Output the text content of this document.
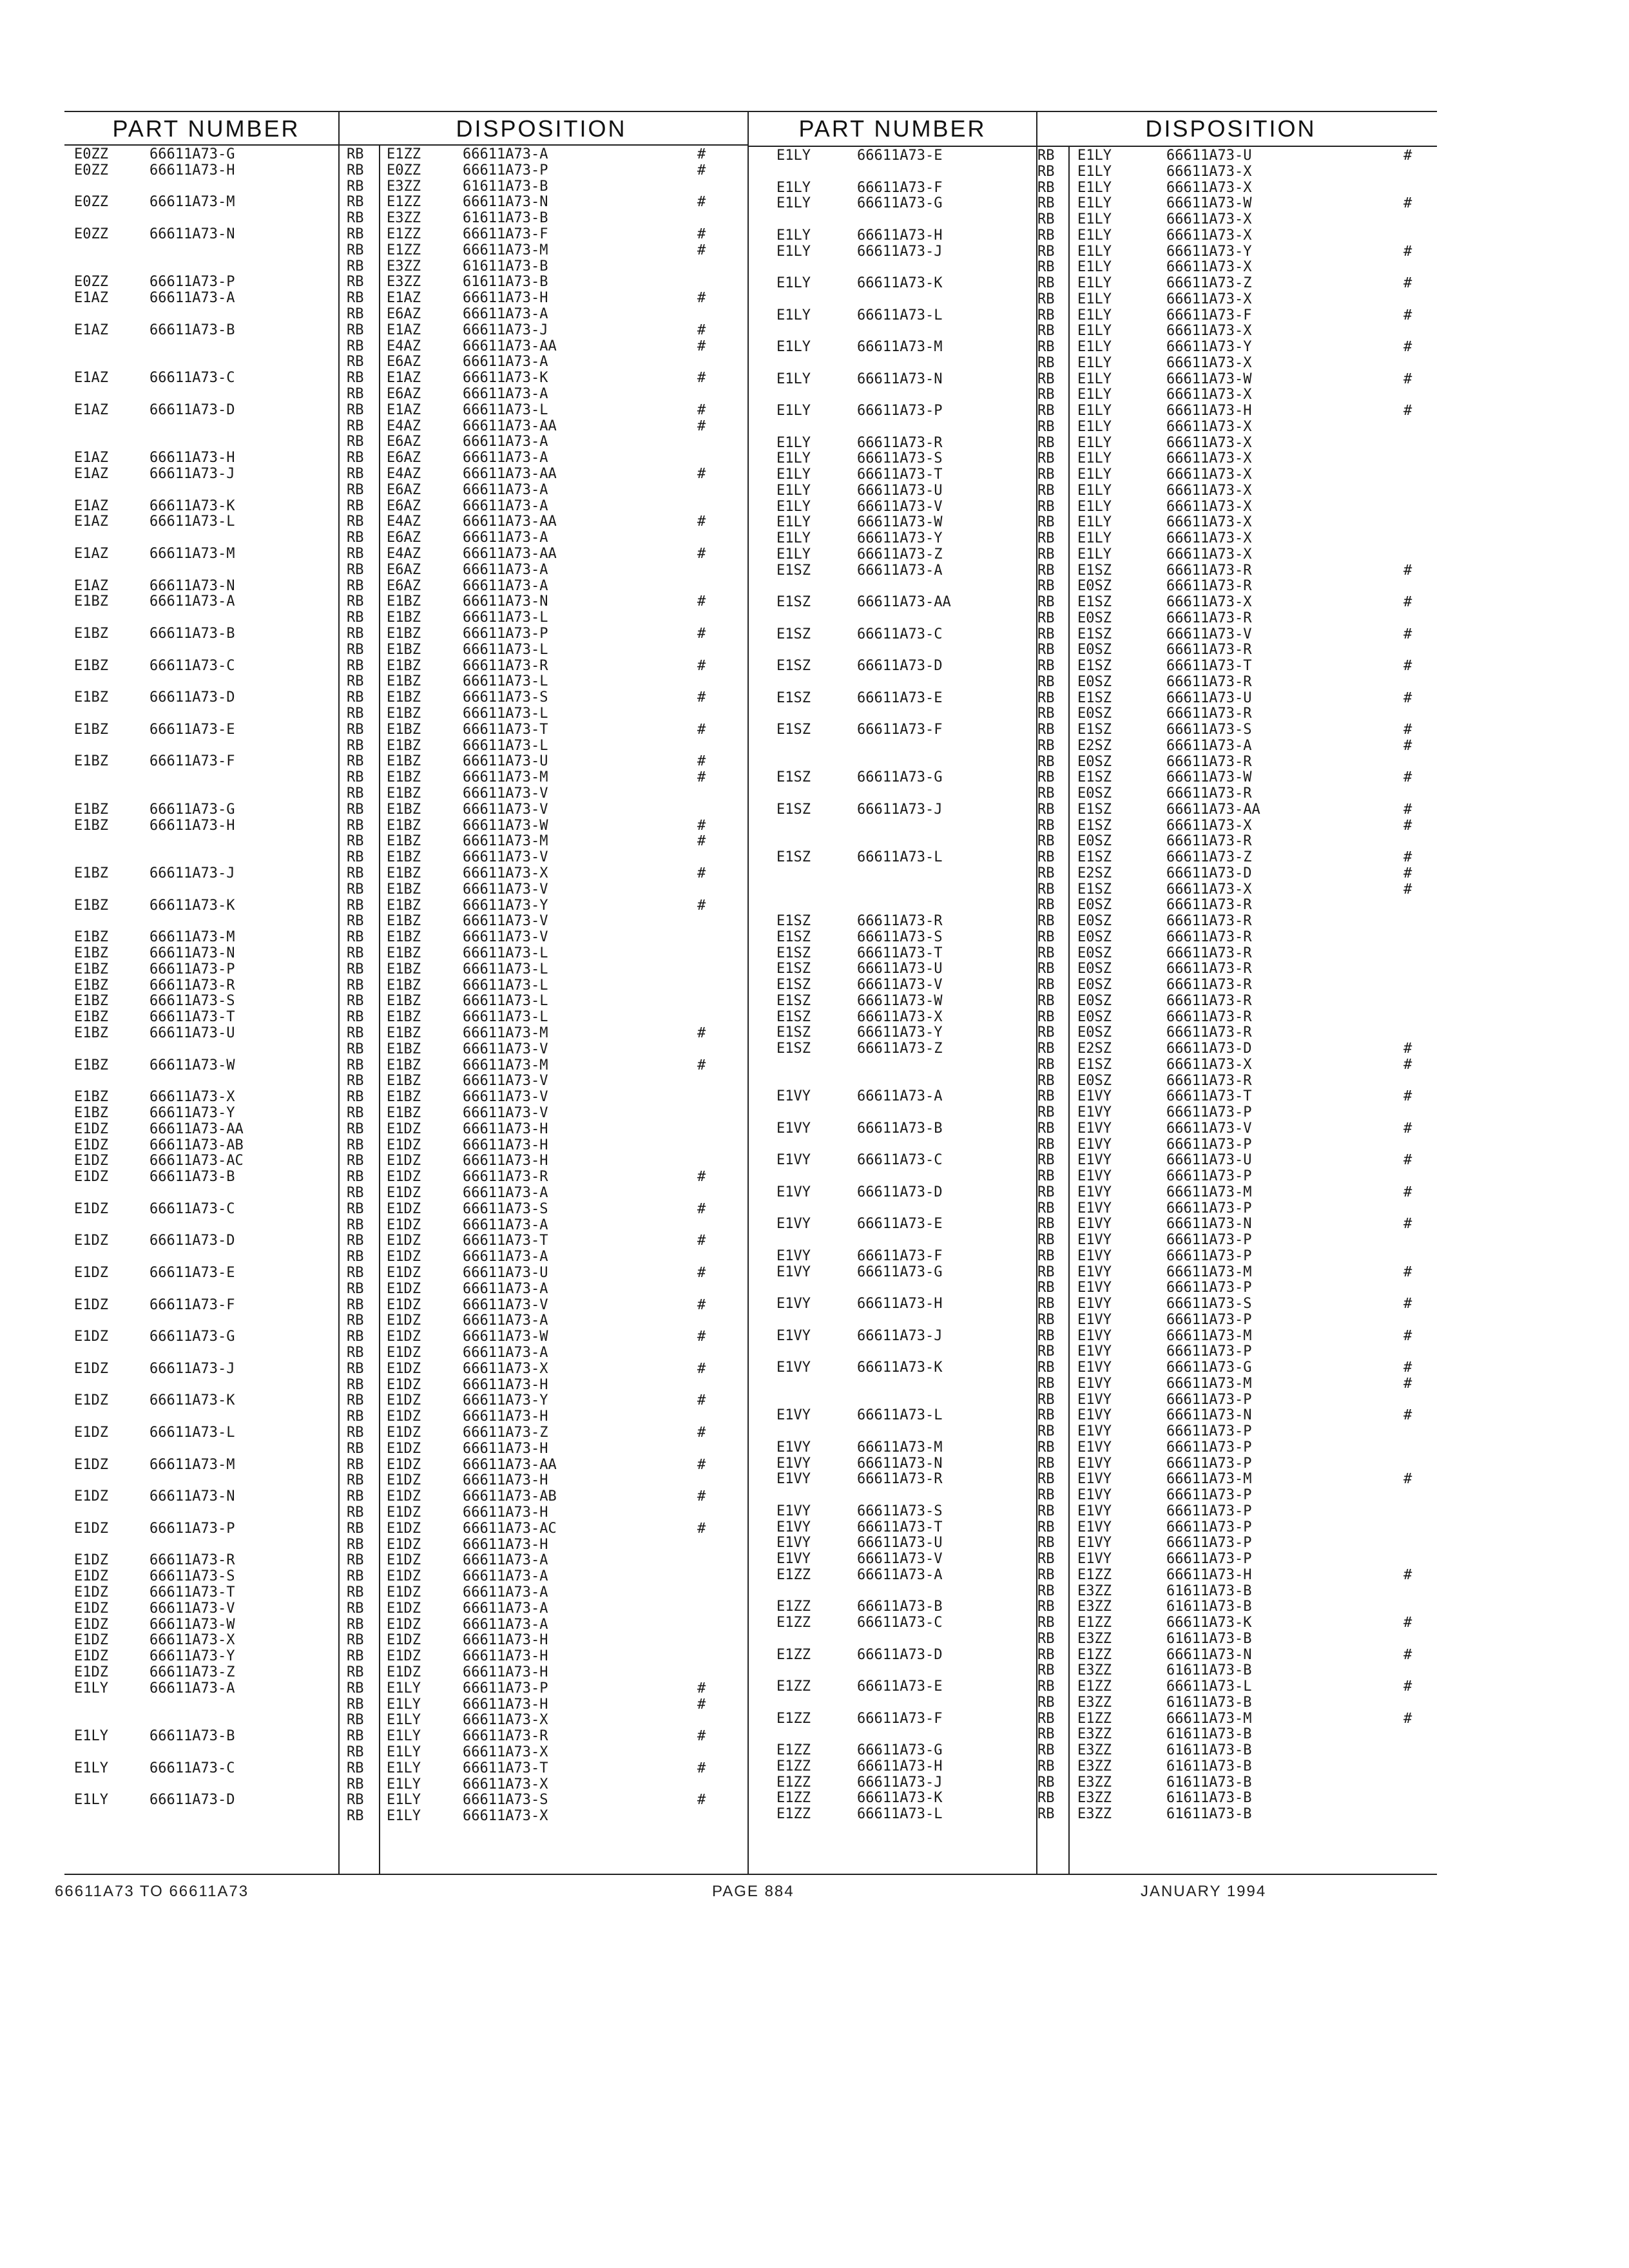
PART NUMBER	DISPOSITION	PART NUMBER	DISPOSITION
E0ZZ	66611A73-G	RB E1ZZ	66611A73-A	#
E0ZZ	66611A73-H	RB E0ZZ	66611A73-P	#
RB E3ZZ	61611A73-B
E0ZZ	66611A73-M	RB E1ZZ	66611A73-N	#
RB E3ZZ	61611A73-B
E0ZZ	66611A73-N	RB E1ZZ	66611A73-F	#
RB E1ZZ	66611A73-M	#
RB E3ZZ	61611A73-B
E0ZZ	66611A73-P	RB E3ZZ	61611A73-B
E1AZ	66611A73-A	RB E1AZ	66611A73-H	#
RB E6AZ	66611A73-A
E1AZ	66611A73-B	RB E1AZ	66611A73-J	#
RB E4AZ	66611A73-AA	#
RB E6AZ	66611A73-A
E1AZ	66611A73-C	RB E1AZ	66611A73-K	#
RB E6AZ	66611A73-A
E1AZ	66611A73-D	RB E1AZ	66611A73-L	#
RB E4AZ	66611A73-AA	#
RB E6AZ	66611A73-A
E1AZ	66611A73-H	RB E6AZ	66611A73-A
E1AZ	66611A73-J	RB E4AZ	66611A73-AA	#
RB E6AZ	66611A73-A
E1AZ	66611A73-K	RB E6AZ	66611A73-A
E1AZ	66611A73-L	RB E4AZ	66611A73-AA	#
RB E6AZ	66611A73-A
E1AZ	66611A73-M	RB E4AZ	66611A73-AA	#
RB E6AZ	66611A73-A
E1AZ	66611A73-N	RB E6AZ	66611A73-A
E1BZ	66611A73-A	RB E1BZ	66611A73-N	#
RB E1BZ	66611A73-L
E1BZ	66611A73-B	RB E1BZ	66611A73-P	#
RB E1BZ	66611A73-L
E1BZ	66611A73-C	RB E1BZ	66611A73-R	#
RB E1BZ	66611A73-L
E1BZ	66611A73-D	RB E1BZ	66611A73-S	#
RB E1BZ	66611A73-L
E1BZ	66611A73-E	RB E1BZ	66611A73-T	#
RB E1BZ	66611A73-L
E1BZ	66611A73-F	RB E1BZ	66611A73-U	#
RB E1BZ	66611A73-M	#
RB E1BZ	66611A73-V
E1BZ	66611A73-G	RB E1BZ	66611A73-V
E1BZ	66611A73-H	RB E1BZ	66611A73-W	#
RB E1BZ	66611A73-M	#
RB E1BZ	66611A73-V
E1BZ	66611A73-J	RB E1BZ	66611A73-X	#
RB E1BZ	66611A73-V
E1BZ	66611A73-K	RB E1BZ	66611A73-Y	#
RB E1BZ	66611A73-V
E1BZ	66611A73-M	RB E1BZ	66611A73-V
E1BZ	66611A73-N	RB E1BZ	66611A73-L
E1BZ	66611A73-P	RB E1BZ	66611A73-L
E1BZ	66611A73-R	RB E1BZ	66611A73-L
E1BZ	66611A73-S	RB E1BZ	66611A73-L
E1BZ	66611A73-T	RB E1BZ	66611A73-L
E1BZ	66611A73-U	RB E1BZ	66611A73-M	#
RB E1BZ	66611A73-V
E1BZ	66611A73-W	RB E1BZ	66611A73-M	#
RB E1BZ	66611A73-V
E1BZ	66611A73-X	RB E1BZ	66611A73-V
E1BZ	66611A73-Y	RB E1BZ	66611A73-V
E1DZ	66611A73-AA	RB E1DZ	66611A73-H
E1DZ	66611A73-AB	RB E1DZ	66611A73-H
E1DZ	66611A73-AC	RB E1DZ	66611A73-H
E1DZ	66611A73-B	RB E1DZ	66611A73-R	#
RB E1DZ	66611A73-A
E1DZ	66611A73-C	RB E1DZ	66611A73-S	#
RB E1DZ	66611A73-A
E1DZ	66611A73-D	RB E1DZ	66611A73-T	#
RB E1DZ	66611A73-A
E1DZ	66611A73-E	RB E1DZ	66611A73-U	#
RB E1DZ	66611A73-A
E1DZ	66611A73-F	RB E1DZ	66611A73-V	#
RB E1DZ	66611A73-A
E1DZ	66611A73-G	RB E1DZ	66611A73-W	#
RB E1DZ	66611A73-A
E1DZ	66611A73-J	RB E1DZ	66611A73-X	#
RB E1DZ	66611A73-H
E1DZ	66611A73-K	RB E1DZ	66611A73-Y	#
RB E1DZ	66611A73-H
E1DZ	66611A73-L	RB E1DZ	66611A73-Z	#
RB E1DZ	66611A73-H
E1DZ	66611A73-M	RB E1DZ	66611A73-AA	#
RB E1DZ	66611A73-H
E1DZ	66611A73-N	RB E1DZ	66611A73-AB	#
RB E1DZ	66611A73-H
E1DZ	66611A73-P	RB E1DZ	66611A73-AC	#
RB E1DZ	66611A73-H
E1DZ	66611A73-R	RB E1DZ	66611A73-A
E1DZ	66611A73-S	RB E1DZ	66611A73-A
E1DZ	66611A73-T	RB E1DZ	66611A73-A
E1DZ	66611A73-V	RB E1DZ	66611A73-A
E1DZ	66611A73-W	RB E1DZ	66611A73-A
E1DZ	66611A73-X	RB E1DZ	66611A73-H
E1DZ	66611A73-Y	RB E1DZ	66611A73-H
E1DZ	66611A73-Z	RB E1DZ	66611A73-H
E1LY	66611A73-A	RB E1LY	66611A73-P	#
RB E1LY	66611A73-H	#
RB E1LY	66611A73-X
E1LY	66611A73-B	RB E1LY	66611A73-R	#
RB E1LY	66611A73-X
E1LY	66611A73-C	RB E1LY	66611A73-T	#
RB E1LY	66611A73-X
E1LY	66611A73-D	RB E1LY	66611A73-S	#
RB E1LY	66611A73-X
E1LY	66611A73-E	RB E1LY	66611A73-U	#
RB E1LY	66611A73-X
E1LY	66611A73-F	RB E1LY	66611A73-X
E1LY	66611A73-G	RB E1LY	66611A73-W	#
RB E1LY	66611A73-X
E1LY	66611A73-H	RB E1LY	66611A73-X
E1LY	66611A73-J	RB E1LY	66611A73-Y	#
RB E1LY	66611A73-X
E1LY	66611A73-K	RB E1LY	66611A73-Z	#
RB E1LY	66611A73-X
E1LY	66611A73-L	RB E1LY	66611A73-F	#
RB E1LY	66611A73-X
E1LY	66611A73-M	RB E1LY	66611A73-Y	#
RB E1LY	66611A73-X
E1LY	66611A73-N	RB E1LY	66611A73-W	#
RB E1LY	66611A73-X
E1LY	66611A73-P	RB E1LY	66611A73-H	#
RB E1LY	66611A73-X
E1LY	66611A73-R	RB E1LY	66611A73-X
E1LY	66611A73-S	RB E1LY	66611A73-X
E1LY	66611A73-T	RB E1LY	66611A73-X
E1LY	66611A73-U	RB E1LY	66611A73-X
E1LY	66611A73-V	RB E1LY	66611A73-X
E1LY	66611A73-W	RB E1LY	66611A73-X
E1LY	66611A73-Y	RB E1LY	66611A73-X
E1LY	66611A73-Z	RB E1LY	66611A73-X
E1SZ	66611A73-A	RB E1SZ	66611A73-R	#
RB E0SZ	66611A73-R
E1SZ	66611A73-AA	RB E1SZ	66611A73-X	#
RB E0SZ	66611A73-R
E1SZ	66611A73-C	RB E1SZ	66611A73-V	#
RB E0SZ	66611A73-R
E1SZ	66611A73-D	RB E1SZ	66611A73-T	#
RB E0SZ	66611A73-R
E1SZ	66611A73-E	RB E1SZ	66611A73-U	#
RB E0SZ	66611A73-R
E1SZ	66611A73-F	RB E1SZ	66611A73-S	#
RB E2SZ	66611A73-A	#
RB E0SZ	66611A73-R
E1SZ	66611A73-G	RB E1SZ	66611A73-W	#
RB E0SZ	66611A73-R
E1SZ	66611A73-J	RB E1SZ	66611A73-AA	#
RB E1SZ	66611A73-X	#
RB E0SZ	66611A73-R
E1SZ	66611A73-L	RB E1SZ	66611A73-Z	#
RB E2SZ	66611A73-D	#
RB E1SZ	66611A73-X	#
RB E0SZ	66611A73-R
E1SZ	66611A73-R	RB E0SZ	66611A73-R
E1SZ	66611A73-S	RB E0SZ	66611A73-R
E1SZ	66611A73-T	RB E0SZ	66611A73-R
E1SZ	66611A73-U	RB E0SZ	66611A73-R
E1SZ	66611A73-V	RB E0SZ	66611A73-R
E1SZ	66611A73-W	RB E0SZ	66611A73-R
E1SZ	66611A73-X	RB E0SZ	66611A73-R
E1SZ	66611A73-Y	RB E0SZ	66611A73-R
E1SZ	66611A73-Z	RB E2SZ	66611A73-D	#
RB E1SZ	66611A73-X	#
RB E0SZ	66611A73-R
E1VY	66611A73-A	RB E1VY	66611A73-T	#
RB E1VY	66611A73-P
E1VY	66611A73-B	RB E1VY	66611A73-V	#
RB E1VY	66611A73-P
E1VY	66611A73-C	RB E1VY	66611A73-U	#
RB E1VY	66611A73-P
E1VY	66611A73-D	RB E1VY	66611A73-M	#
RB E1VY	66611A73-P
E1VY	66611A73-E	RB E1VY	66611A73-N	#
RB E1VY	66611A73-P
E1VY	66611A73-F	RB E1VY	66611A73-P
E1VY	66611A73-G	RB E1VY	66611A73-M	#
RB E1VY	66611A73-P
E1VY	66611A73-H	RB E1VY	66611A73-S	#
RB E1VY	66611A73-P
E1VY	66611A73-J	RB E1VY	66611A73-M	#
RB E1VY	66611A73-P
E1VY	66611A73-K	RB E1VY	66611A73-G	#
RB E1VY	66611A73-M	#
RB E1VY	66611A73-P
E1VY	66611A73-L	RB E1VY	66611A73-N	#
RB E1VY	66611A73-P
E1VY	66611A73-M	RB E1VY	66611A73-P
E1VY	66611A73-N	RB E1VY	66611A73-P
E1VY	66611A73-R	RB E1VY	66611A73-M	#
RB E1VY	66611A73-P
E1VY	66611A73-S	RB E1VY	66611A73-P
E1VY	66611A73-T	RB E1VY	66611A73-P
E1VY	66611A73-U	RB E1VY	66611A73-P
E1VY	66611A73-V	RB E1VY	66611A73-P
E1ZZ	66611A73-A	RB E1ZZ	66611A73-H	#
RB E3ZZ	61611A73-B
E1ZZ	66611A73-B	RB E3ZZ	61611A73-B
E1ZZ	66611A73-C	RB E1ZZ	66611A73-K	#
RB E3ZZ	61611A73-B
E1ZZ	66611A73-D	RB E1ZZ	66611A73-N	#
RB E3ZZ	61611A73-B
E1ZZ	66611A73-E	RB E1ZZ	66611A73-L	#
RB E3ZZ	61611A73-B
E1ZZ	66611A73-F	RB E1ZZ	66611A73-M	#
RB E3ZZ	61611A73-B
E1ZZ	66611A73-G	RB E3ZZ	61611A73-B
E1ZZ	66611A73-H	RB E3ZZ	61611A73-B
E1ZZ	66611A73-J	RB E3ZZ	61611A73-B
E1ZZ	66611A73-K	RB E3ZZ	61611A73-B
E1ZZ	66611A73-L	RB E3ZZ	61611A73-B
66611A73 TO 66611A73	PAGE 884	JANUARY 1994
